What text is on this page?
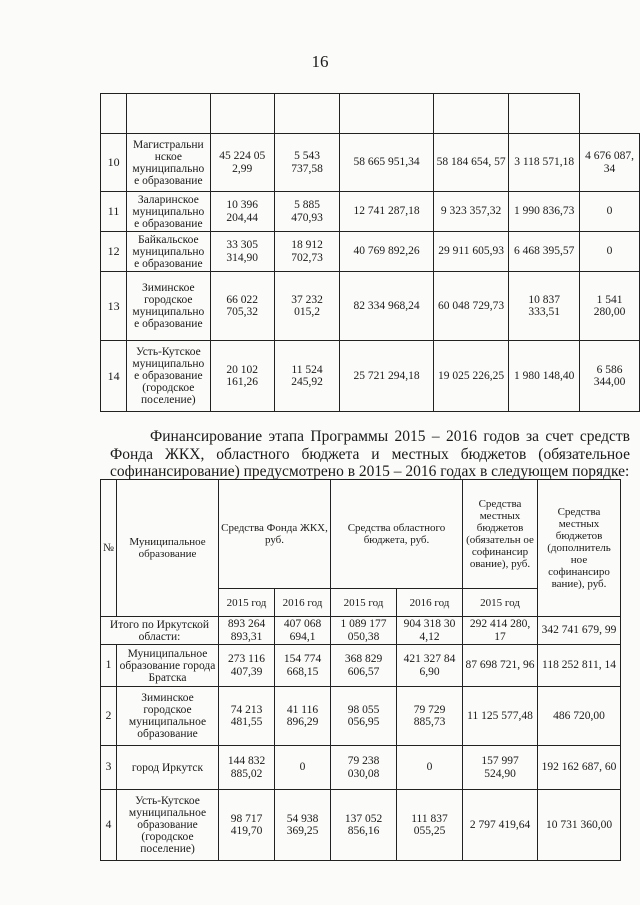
16

10	Магистральни нское муниципально е образование	45 224 05 2,99	5 543 737,58	58 665 951,34	58 184 654, 57	3 118 571,18	4 676 087, 34
11	Заларинское муниципально е образование	10 396 204,44	5 885 470,93	12 741 287,18	9 323 357,32	1 990 836,73	0
12	Байкальское муниципально е образование	33 305 314,90	18 912 702,73	40 769 892,26	29 911 605,93	6 468 395,57	0
13	Зиминское городское муниципально е образование	66 022 705,32	37 232 015,2	82 334 968,24	60 048 729,73	10 837 333,51	1 541 280,00
14	Усть-Кутское муниципально е образование (городское поселение)	20 102 161,26	11 524 245,92	25 721 294,18	19 025 226,25	1 980 148,40	6 586 344,00
Финансирование этапа Программы 2015 – 2016 годов за счет средств
Фонда ЖКХ, областного бюджета и местных бюджетов (обязательное
софинансирование) предусмотрено в 2015 – 2016 годах в следующем порядке:
№	Муниципальное образование	Средства Фонда ЖКХ, руб.		Средства областного бюджета, руб.		Средства местных бюджетов (обязательн ое софинансир ование), руб.	Средства местных бюджетов (дополнитель ное софинансиро вание), руб.
		2015 год	2016 год	2015 год	2016 год	2015 год	
Итого по Иркутской области:		893 264 893,31	407 068 694,1	1 089 177 050,38	904 318 30 4,12	292 414 280, 17	342 741 679, 99
1	Муниципальное образование города Братска	273 116 407,39	154 774 668,15	368 829 606,57	421 327 84 6,90	87 698 721, 96	118 252 811, 14
2	Зиминское городское муниципальное образование	74 213 481,55	41 116 896,29	98 055 056,95	79 729 885,73	11 125 577,48	486 720,00
3	город Иркутск	144 832 885,02	0	79 238 030,08	0	157 997 524,90	192 162 687, 60
4	Усть-Кутское муниципальное образование (городское поселение)	98 717 419,70	54 938 369,25	137 052 856,16	111 837 055,25	2 797 419,64	10 731 360,00
